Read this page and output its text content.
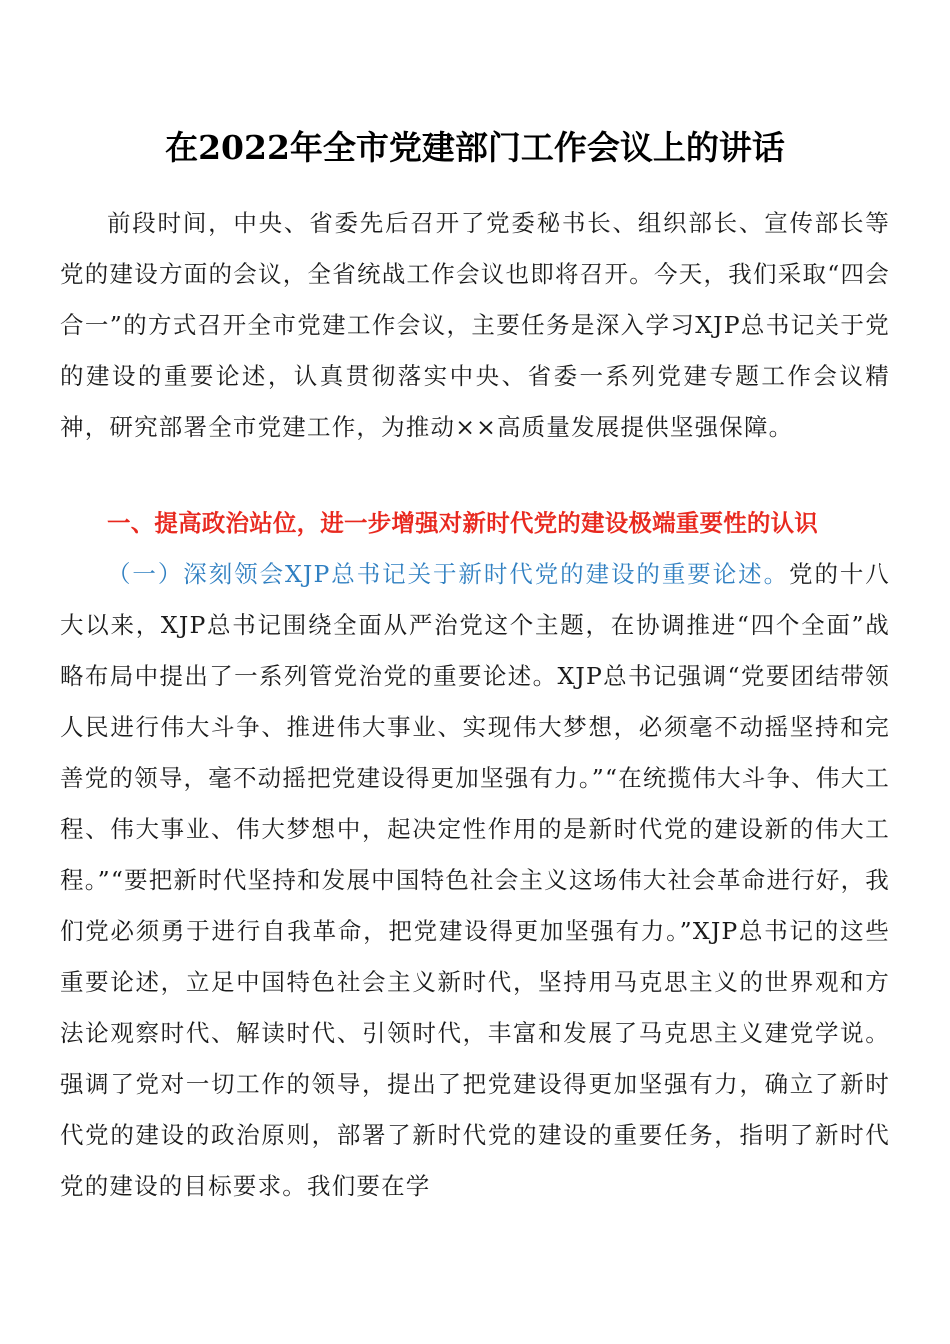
在2022年全市党建部门工作会议上的讲话
前段时间，中央、省委先后召开了党委秘书长、组织部长、宣传部长等党的建设方面的会议，全省统战工作会议也即将召开。今天，我们采取“四会合一”的方式召开全市党建工作会议，主要任务是深入学习XJP总书记关于党的建设的重要论述，认真贯彻落实中央、省委一系列党建专题工作会议精神，研究部署全市党建工作，为推动××高质量发展提供坚强保障。
一、提高政治站位，进一步增强对新时代党的建设极端重要性的认识
（一）深刻领会XJP总书记关于新时代党的建设的重要论述。党的十八大以来，XJP总书记围绕全面从严治党这个主题，在协调推进“四个全面”战略布局中提出了一系列管党治党的重要论述。XJP总书记强调“党要团结带领人民进行伟大斗争、推进伟大事业、实现伟大梦想，必须毫不动摇坚持和完善党的领导，毫不动摇把党建设得更加坚强有力。”“在统揽伟大斗争、伟大工程、伟大事业、伟大梦想中，起决定性作用的是新时代党的建设新的伟大工程。”“要把新时代坚持和发展中国特色社会主义这场伟大社会革命进行好，我们党必须勇于进行自我革命，把党建设得更加坚强有力。”XJP总书记的这些重要论述，立足中国特色社会主义新时代，坚持用马克思主义的世界观和方法论观察时代、解读时代、引领时代，丰富和发展了马克思主义建党学说。强调了党对一切工作的领导，提出了把党建设得更加坚强有力，确立了新时代党的建设的政治原则，部署了新时代党的建设的重要任务，指明了新时代党的建设的目标要求。我们要在学
